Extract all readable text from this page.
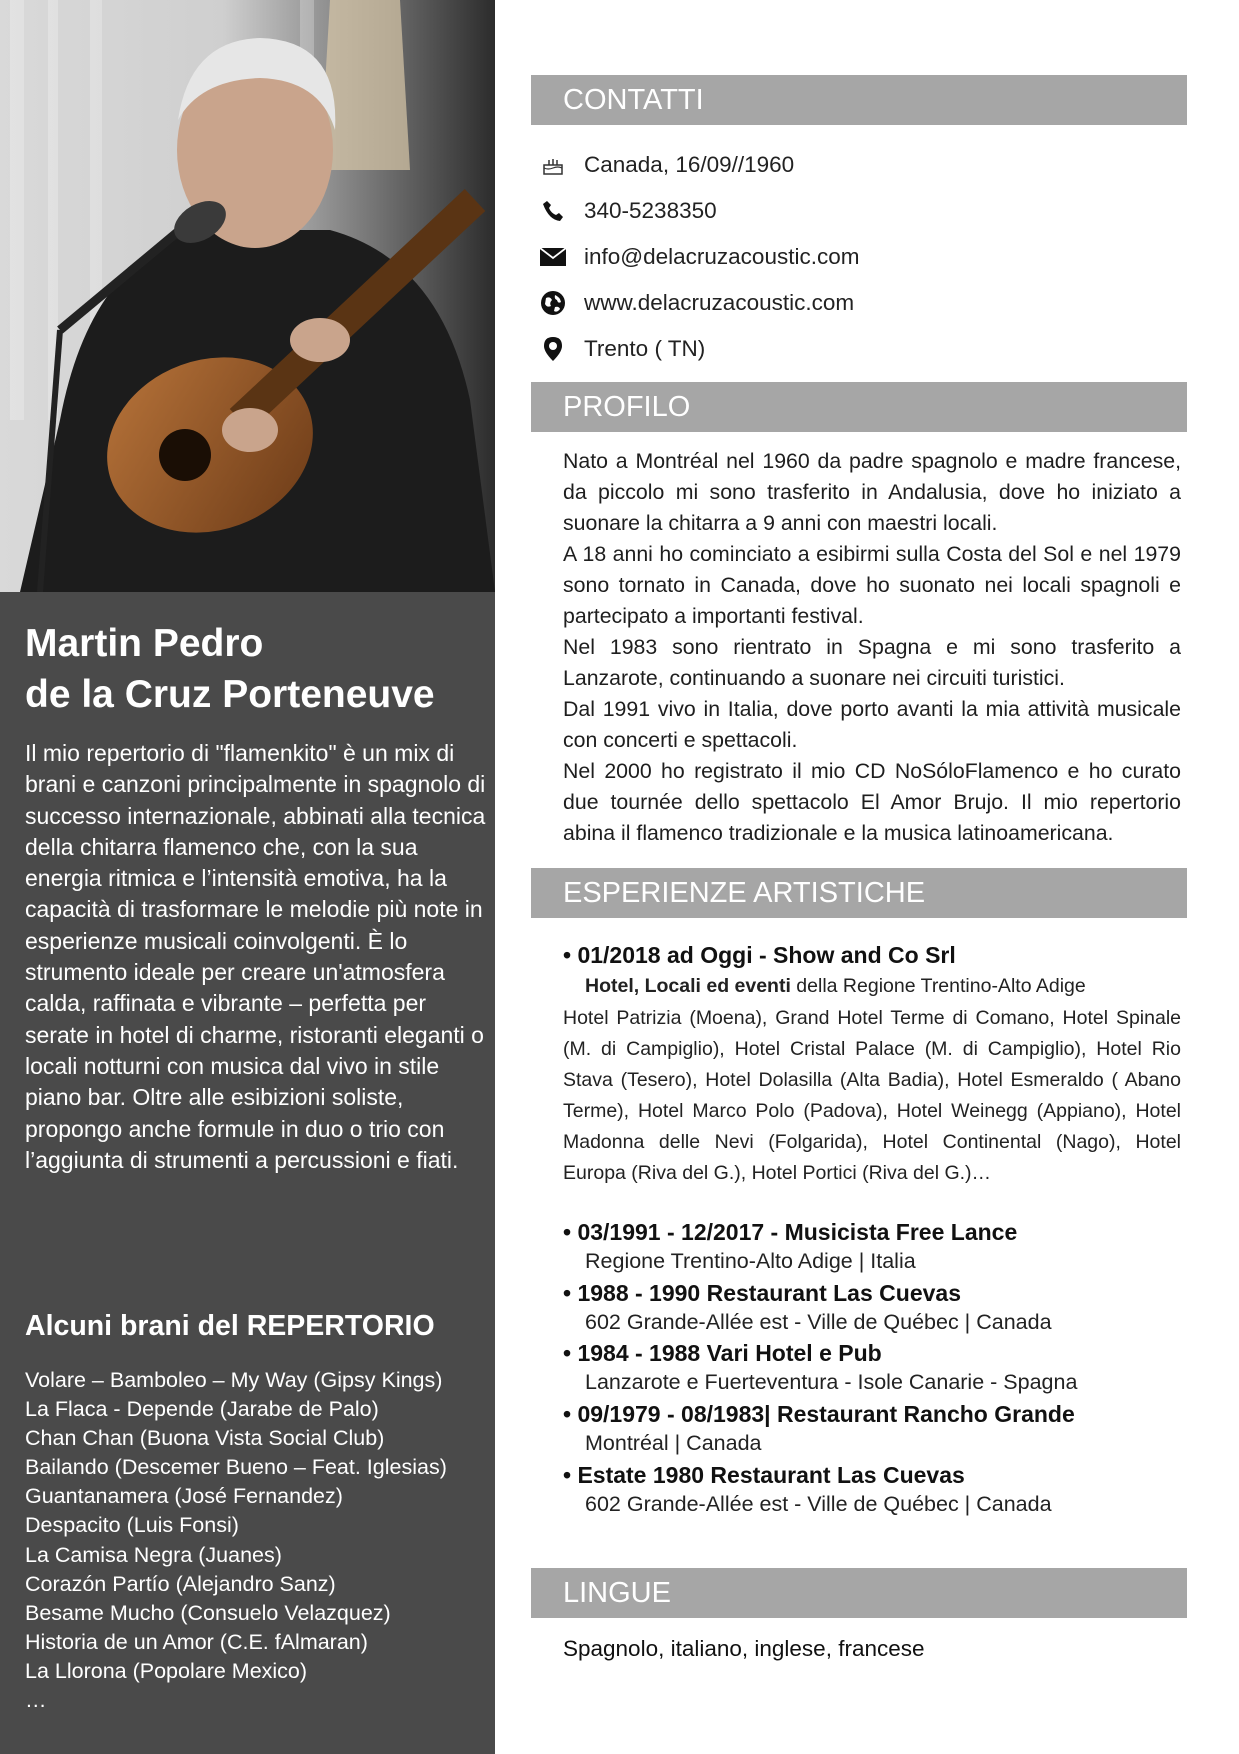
Martin Pedro
de la Cruz Porteneuve
Il mio repertorio di "flamenkito" è un mix di brani e canzoni principalmente in spagnolo di successo internazionale, abbinati alla tecnica della chitarra flamenco che, con la sua energia ritmica e l’intensità emotiva, ha la capacità di trasformare le melodie più note in esperienze musicali coinvolgenti. È lo strumento ideale per creare un'atmosfera calda, raffinata e vibrante – perfetta per serate in hotel di charme, ristoranti eleganti o locali notturni con musica dal vivo in stile piano bar. Oltre alle esibizioni soliste, propongo anche formule in duo o trio con l’aggiunta di strumenti a percussioni e fiati.
Alcuni brani del REPERTORIO
Volare – Bamboleo – My Way (Gipsy Kings)
La Flaca - Depende (Jarabe de Palo)
Chan Chan (Buona Vista Social Club)
Bailando (Descemer Bueno – Feat. Iglesias)
Guantanamera (José Fernandez)
Despacito (Luis Fonsi)
La Camisa Negra (Juanes)
Corazón Partío (Alejandro Sanz)
Besame Mucho (Consuelo Velazquez)
Historia de un Amor (C.E. fAlmaran)
La Llorona (Popolare Mexico)
…
CONTATTI
Canada, 16/09//1960
340-5238350
info@delacruzacoustic.com
www.delacruzacoustic.com
Trento ( TN)
PROFILO

Nato a Montréal nel 1960 da padre spagnolo e madre francese, da piccolo mi sono trasferito in Andalusia, dove ho iniziato a suonare la chitarra a 9 anni con maestri locali.

A 18 anni ho cominciato a esibirmi sulla Costa del Sol e nel 1979 sono tornato in Canada, dove ho suonato nei locali spagnoli e partecipato a importanti festival.

Nel 1983 sono rientrato in Spagna e mi sono trasferito a Lanzarote, continuando a suonare nei circuiti turistici.

Dal 1991 vivo in Italia, dove porto avanti la mia attività musicale con concerti e spettacoli.

Nel 2000 ho registrato il mio CD NoSóloFlamenco e ho curato due tournée dello spettacolo El Amor Brujo. Il mio repertorio abina il flamenco tradizionale e la musica latinoamericana.

ESPERIENZE ARTISTICHE
• 01/2018 ad Oggi - Show and Co Srl
Hotel, Locali ed eventi della Regione Trentino-Alto Adige
Hotel Patrizia (Moena), Grand Hotel Terme di Comano, Hotel Spinale (M. di Campiglio), Hotel Cristal Palace (M. di Campiglio), Hotel Rio Stava (Tesero), Hotel Dolasilla (Alta Badia), Hotel Esmeraldo ( Abano Terme), Hotel Marco Polo (Padova), Hotel Weinegg (Appiano), Hotel Madonna delle Nevi (Folgarida), Hotel Continental (Nago), Hotel Europa (Riva del G.), Hotel Portici (Riva del G.)…
• 03/1991 - 12/2017 - Musicista Free Lance
Regione Trentino-Alto Adige | Italia
• 1988 - 1990 Restaurant Las Cuevas
602 Grande-Allée est - Ville de Québec | Canada
• 1984 - 1988 Vari Hotel e Pub
Lanzarote e Fuerteventura - Isole Canarie - Spagna
• 09/1979 - 08/1983| Restaurant Rancho Grande
Montréal | Canada
• Estate 1980 Restaurant Las Cuevas
602 Grande-Allée est - Ville de Québec | Canada
LINGUE
Spagnolo, italiano, inglese, francese
